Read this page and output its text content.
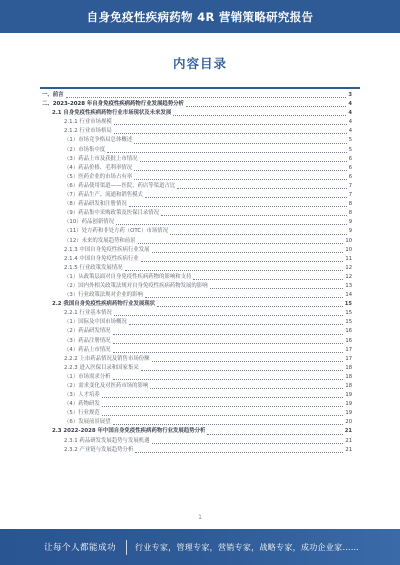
自身免疫性疾病药物 4R 营销策略研究报告
内容目录
一、前言	3
二、2023-2028 年自身免疫性疾病药物行业发展趋势分析	4
2.1 自身免疫性疾病药物行业市场现状及未来发展	4
2.1.1 行业市场规模	4
2.1.2 行业市场格局	4
（1）市场竞争格局总体概述	5
（2）市场集中度	5
（3）药品上市及获批上市情况	6
（4）药品价格、毛利率情况	6
（5）医药企业的市场占有率	6
（6）药品使用渠道——医院、药店等渠道占比	7
（7）药品生产、流通和销售模式	7
（8）药品研发和注册情况	8
（9）药品集中采购政策及医保目录情况	8
（10）药品创新情况	9
（11）处方药和非处方药（OTC）市场情况	9
（12）未来的发展趋势和前景	10
2.1.3 中国自身免疫性疾病行业发展	10
2.1.4 中国自身免疫性疾病行业	11
2.1.5 行业政策发展情况	12
（1）从政策层面对自身免疫性疾病药物的影响和支持	12
（2）国内外相关政策法规对自身免疫性疾病药物发展的影响	13
（3）行业政策法规对企业的影响	14
2.2 我国自身免疫性疾病药物行业发展现状	15
2.2.1 行业基本情况	15
（1）国际及中国市场概况	15
（2）药品研发情况	16
（3）药品注册情况	16
（4）药品上市情况	17
2.2.2 上市药品情况及销售市场份额	17
2.2.3 进入医保目录和国家集采	18
（1）市场需求分析	18
（2）需求变化及对医药市场的影响	18
（3）人才培养	19
（4）药物研发	19
（5）行业规范	19
（6）发展前景展望	20
2.3 2022-2028 年中国自身免疫性疾病药物行业发展趋势分析	21
2.3.1 药品研发发展趋势与发展机遇	21
2.3.2 产业链与发展趋势分析	21
1
让每个人都能成功 行业专家，管理专家，营销专家，战略专家，成功企业家……
